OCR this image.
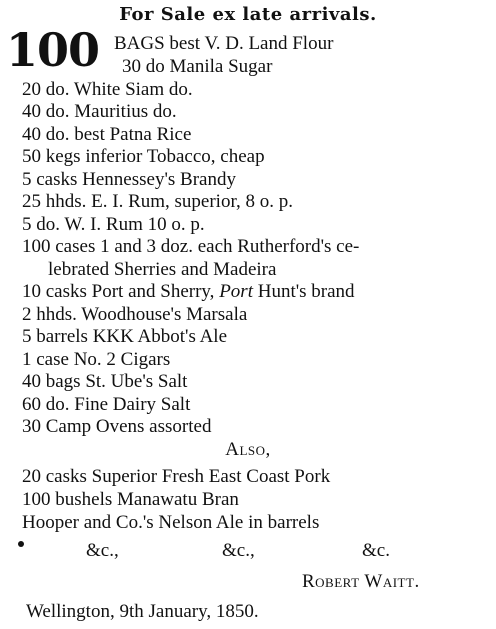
For Sale ex late arrivals.
100 BAGS best V. D. Land Flour
30 do Manila Sugar
20 do. White Siam do.
40 do. Mauritius do.
40 do. best Patna Rice
50 kegs inferior Tobacco, cheap
5 casks Hennessey's Brandy
25 hhds. E. I. Rum, superior, 8 o. p.
5 do. W. I. Rum 10 o. p.
100 cases 1 and 3 doz. each Rutherford's ce-
lebrated Sherries and Madeira
10 casks Port and Sherry, Port Hunt's brand
2 hhds. Woodhouse's Marsala
5 barrels KKK Abbot's Ale
1 case No. 2 Cigars
40 bags St. Ube's Salt
60 do. Fine Dairy Salt
30 Camp Ovens assorted
Also,
20 casks Superior Fresh East Coast Pork
100 bushels Manawatu Bran
Hooper and Co.'s Nelson Ale in barrels
&c.,	&c.,	&c.
Robert Waitt.
Wellington, 9th January, 1850.
